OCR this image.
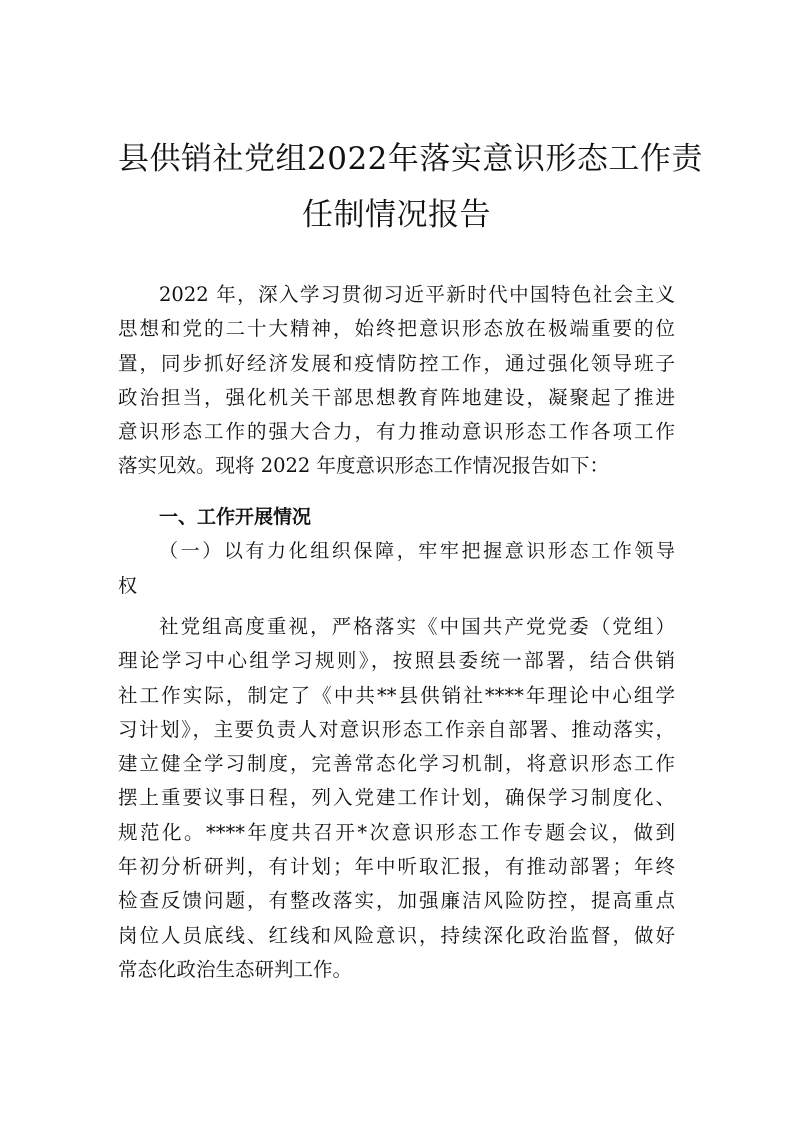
县供销社党组2022年落实意识形态工作责
任制情况报告
2022 年，深入学习贯彻习近平新时代中国特色社会主义
思想和党的二十大精神，始终把意识形态放在极端重要的位
置，同步抓好经济发展和疫情防控工作，通过强化领导班子
政治担当，强化机关干部思想教育阵地建设，凝聚起了推进
意识形态工作的强大合力，有力推动意识形态工作各项工作
落实见效。现将 2022 年度意识形态工作情况报告如下：
一、工作开展情况
（一）以有力化组织保障，牢牢把握意识形态工作领导
权
社党组高度重视，严格落实《中国共产党党委（党组）
理论学习中心组学习规则》，按照县委统一部署，结合供销
社工作实际，制定了《中共**县供销社****年理论中心组学
习计划》，主要负责人对意识形态工作亲自部署、推动落实，
建立健全学习制度，完善常态化学习机制，将意识形态工作
摆上重要议事日程，列入党建工作计划，确保学习制度化、
规范化。****年度共召开*次意识形态工作专题会议，做到
年初分析研判，有计划；年中听取汇报，有推动部署；年终
检查反馈问题，有整改落实，加强廉洁风险防控，提高重点
岗位人员底线、红线和风险意识，持续深化政治监督，做好
常态化政治生态研判工作。
